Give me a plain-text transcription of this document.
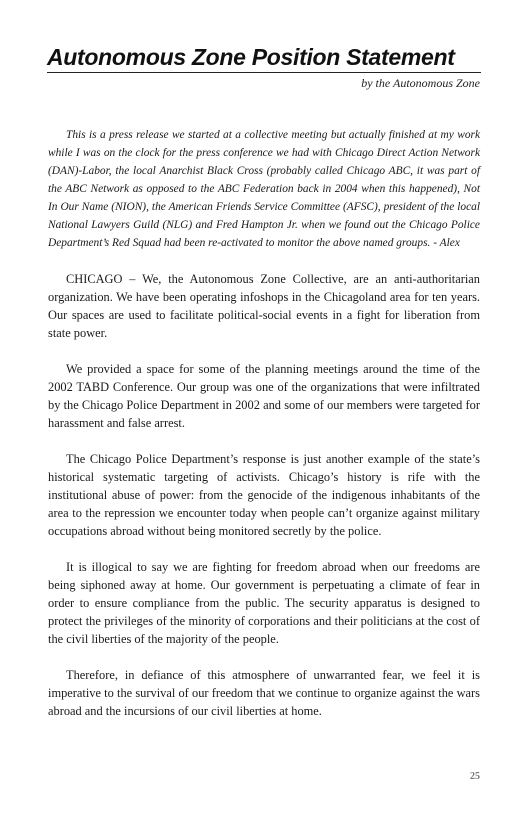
Autonomous Zone Position Statement
by the Autonomous Zone

This is a press release we started at a collective meeting but actually finished at my work while I was on the clock for the press conference we had with Chicago Direct Action Network (DAN)-Labor, the local Anarchist Black Cross (probably called Chicago ABC, it was part of the ABC Network as opposed to the ABC Federation back in 2004 when this happened), Not In Our Name (NION), the American Friends Service Committee (AFSC), president of the local National Lawyers Guild (NLG) and Fred Hampton Jr. when we found out the Chicago Police Department’s Red Squad had been re-activated to monitor the above named groups. - Alex

CHICAGO – We, the Autonomous Zone Collective, are an anti-authoritarian organization. We have been operating infoshops in the Chicagoland area for ten years. Our spaces are used to facilitate political-social events in a fight for liberation from state power.

We provided a space for some of the planning meetings around the time of the 2002 TABD Conference. Our group was one of the organizations that were infiltrated by the Chicago Police Department in 2002 and some of our members were targeted for harassment and false arrest.

The Chicago Police Department’s response is just another example of the state’s historical systematic targeting of activists. Chicago’s history is rife with the institutional abuse of power: from the genocide of the indigenous inhabitants of the area to the repression we encounter today when people can’t organize against military occupations abroad without being monitored secretly by the police.

It is illogical to say we are fighting for freedom abroad when our freedoms are being siphoned away at home. Our government is perpetuating a climate of fear in order to ensure compliance from the public. The security apparatus is designed to protect the privileges of the minority of corporations and their politicians at the cost of the civil liberties of the majority of the people.

Therefore, in defiance of this atmosphere of unwarranted fear, we feel it is imperative to the survival of our freedom that we continue to organize against the wars abroad and the incursions of our civil liberties at home.

25
